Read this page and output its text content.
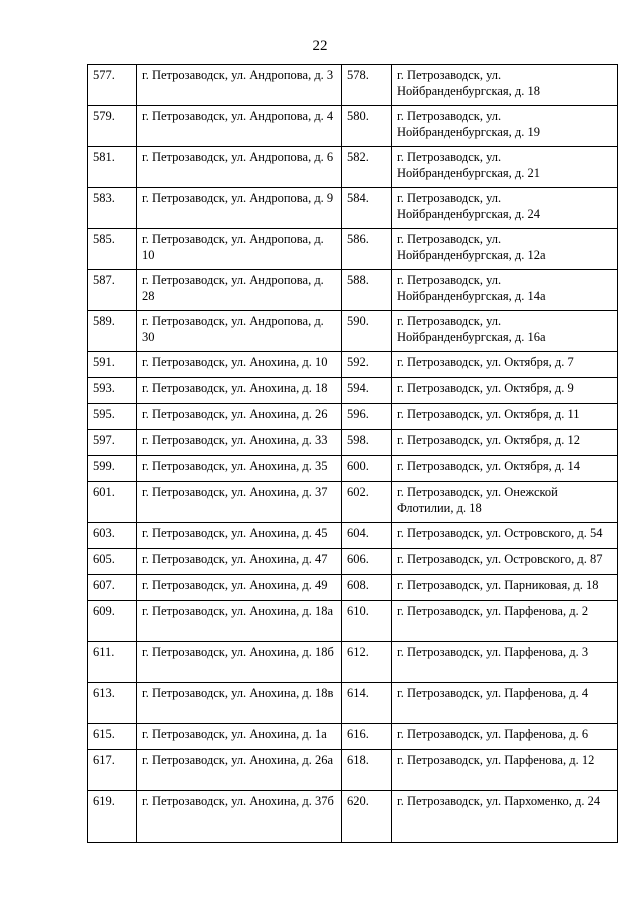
22
577.	г. Петрозаводск, ул. Андропова, д. 3	578.	г. Петрозаводск, ул. Нойбранденбургская, д. 18
579.	г. Петрозаводск, ул. Андропова, д. 4	580.	г. Петрозаводск, ул. Нойбранденбургская, д. 19
581.	г. Петрозаводск, ул. Андропова, д. 6	582.	г. Петрозаводск, ул. Нойбранденбургская, д. 21
583.	г. Петрозаводск, ул. Андропова, д. 9	584.	г. Петрозаводск, ул. Нойбранденбургская, д. 24
585.	г. Петрозаводск, ул. Андропова, д. 10	586.	г. Петрозаводск, ул. Нойбранденбургская, д. 12а
587.	г. Петрозаводск, ул. Андропова, д. 28	588.	г. Петрозаводск, ул. Нойбранденбургская, д. 14а
589.	г. Петрозаводск, ул. Андропова, д. 30	590.	г. Петрозаводск, ул. Нойбранденбургская, д. 16а
591.	г. Петрозаводск, ул. Анохина, д. 10	592.	г. Петрозаводск, ул. Октября, д. 7
593.	г. Петрозаводск, ул. Анохина, д. 18	594.	г. Петрозаводск, ул. Октября, д. 9
595.	г. Петрозаводск, ул. Анохина, д. 26	596.	г. Петрозаводск, ул. Октября, д. 11
597.	г. Петрозаводск, ул. Анохина, д. 33	598.	г. Петрозаводск, ул. Октября, д. 12
599.	г. Петрозаводск, ул. Анохина, д. 35	600.	г. Петрозаводск, ул. Октября, д. 14
601.	г. Петрозаводск, ул. Анохина, д. 37	602.	г. Петрозаводск, ул. Онежской Флотилии, д. 18
603.	г. Петрозаводск, ул. Анохина, д. 45	604.	г. Петрозаводск, ул. Островского, д. 54
605.	г. Петрозаводск, ул. Анохина, д. 47	606.	г. Петрозаводск, ул. Островского, д. 87
607.	г. Петрозаводск, ул. Анохина, д. 49	608.	г. Петрозаводск, ул. Парниковая, д. 18
609.	г. Петрозаводск, ул. Анохина, д. 18а	610.	г. Петрозаводск, ул. Парфенова, д. 2
611.	г. Петрозаводск, ул. Анохина, д. 18б	612.	г. Петрозаводск, ул. Парфенова, д. 3
613.	г. Петрозаводск, ул. Анохина, д. 18в	614.	г. Петрозаводск, ул. Парфенова, д. 4
615.	г. Петрозаводск, ул. Анохина, д. 1а	616.	г. Петрозаводск, ул. Парфенова, д. 6
617.	г. Петрозаводск, ул. Анохина, д. 26а	618.	г. Петрозаводск, ул. Парфенова, д. 12
619.	г. Петрозаводск, ул. Анохина, д. 37б	620.	г. Петрозаводск, ул. Пархоменко, д. 24
